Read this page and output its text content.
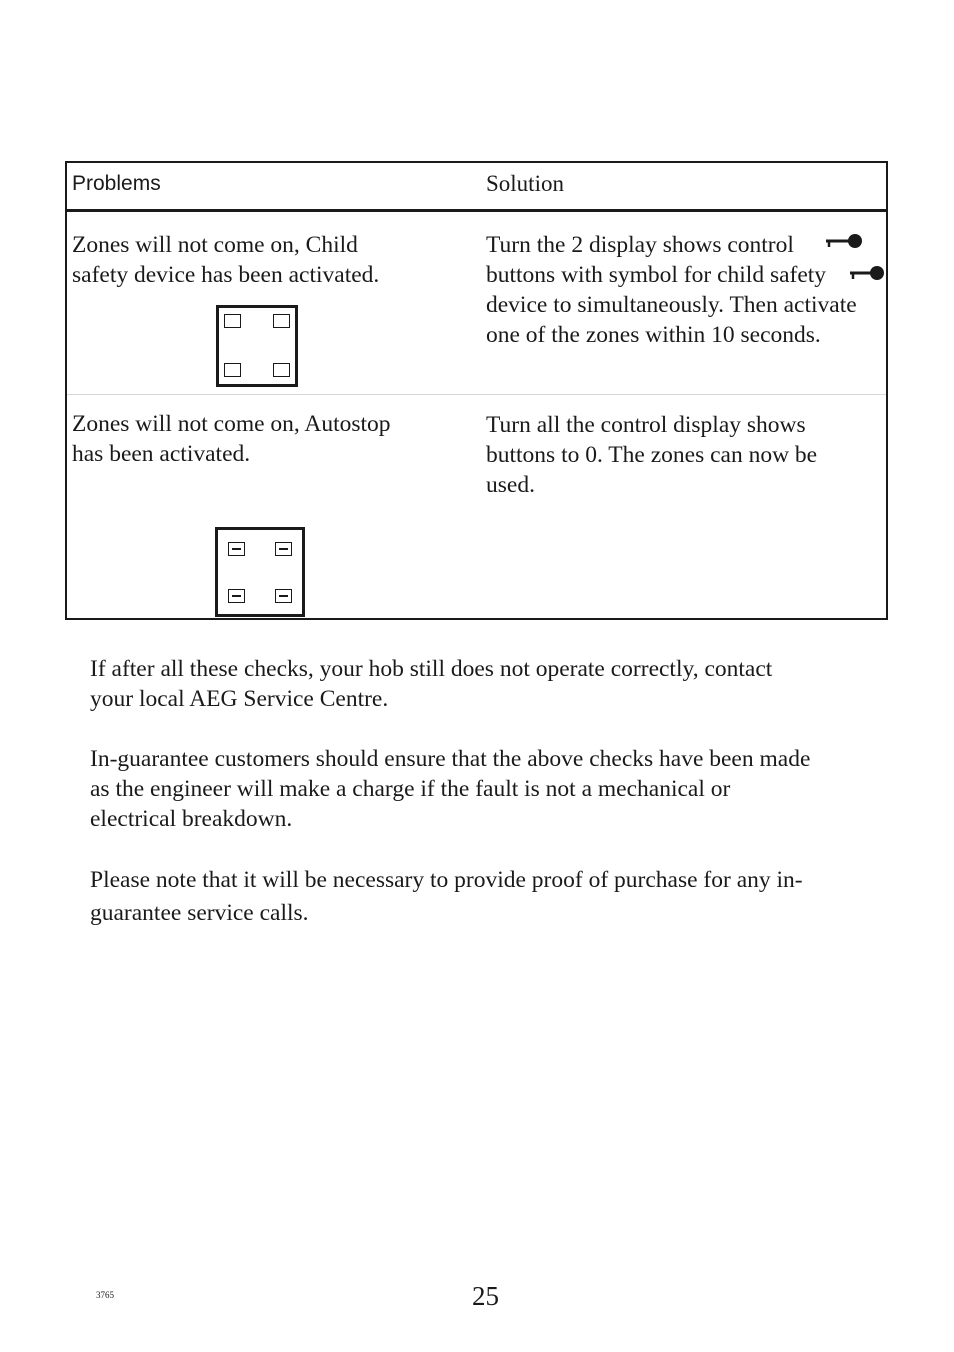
Problems	Solution
Zones will not come on, Child
safety device has been activated.
Turn the 2 display shows control
buttons with symbol for child safety
device to simultaneously. Then activate
one of the zones within 10 seconds.
Zones will not come on, Autostop
has been activated.
Turn all the control display shows
buttons to 0. The zones can now be
used.
If after all these checks, your hob still does not operate correctly, contact
your local AEG Service Centre.
In-guarantee customers should ensure that the above checks have been made
as the engineer will make a charge if the fault is not a mechanical or
electrical breakdown.
Please note that it will be necessary to provide proof of purchase for any in-
guarantee service calls.
3765	25
